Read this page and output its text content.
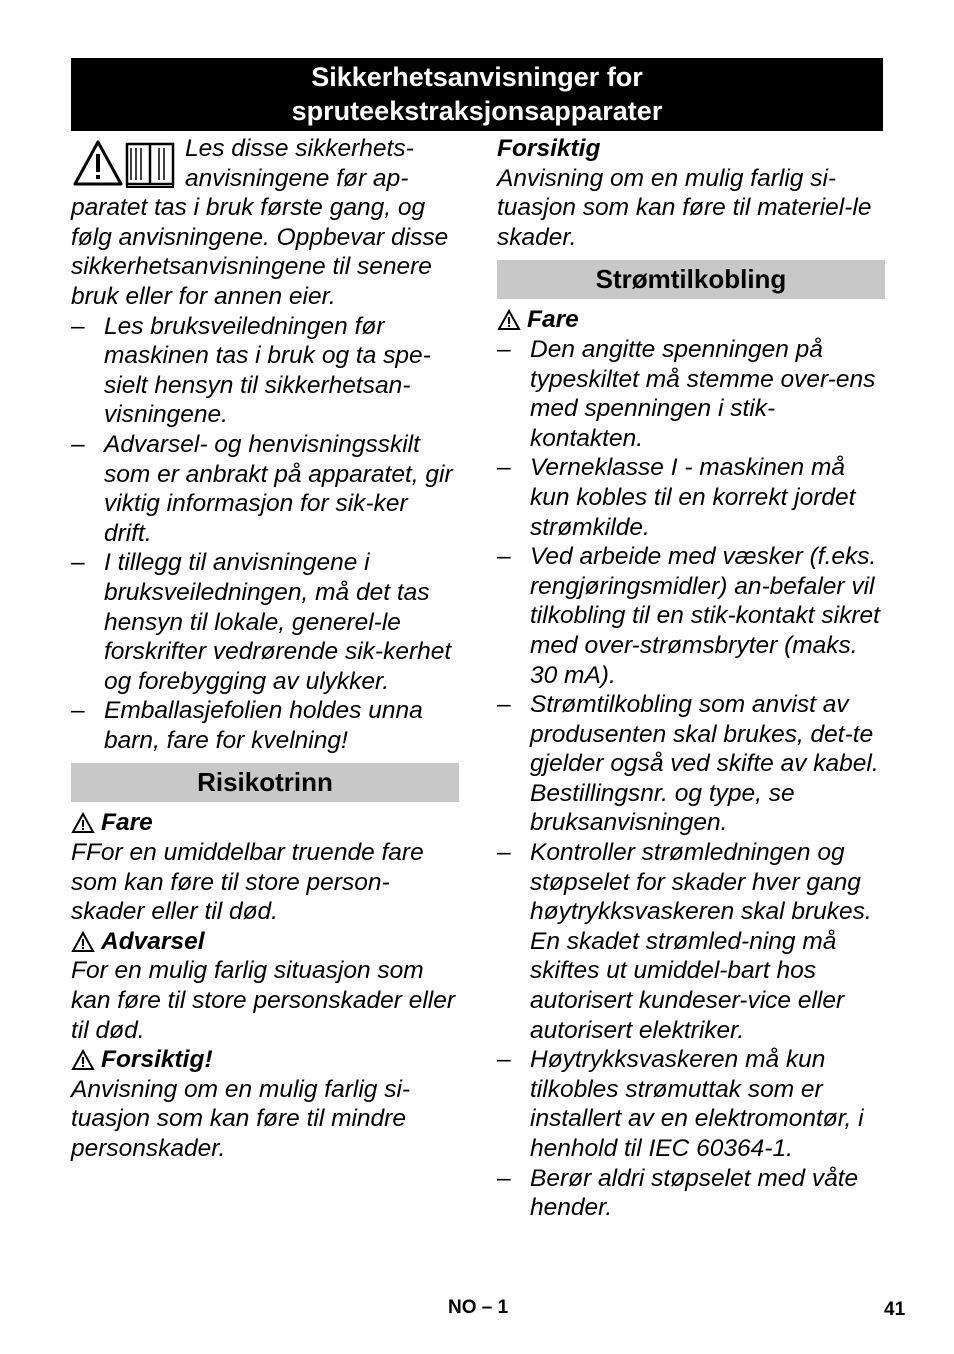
Sikkerhetsanvisninger for
spruteekstraksjonsapparater

Les disse sikkerhets-anvisningene før ap-paratet tas i bruk første gang, og følg anvisningene. Oppbevar disse sikkerhetsanvisningene til senere bruk eller for annen eier.

– Les bruksveiledningen før maskinen tas i bruk og ta spe-sielt hensyn til sikkerhetsan-visningene.
– Advarsel- og henvisningsskilt som er anbrakt på apparatet, gir viktig informasjon for sik-ker drift.
– I tillegg til anvisningene i bruksveiledningen, må det tas hensyn til lokale, generel-le forskrifter vedrørende sik-kerhet og forebygging av ulykker.
– Emballasjefolien holdes unna barn, fare for kvelning!
Risikotrinn
Fare

FFor en umiddelbar truende fare som kan føre til store person-skader eller til død.

Advarsel

For en mulig farlig situasjon som kan føre til store personskader eller til død.

Forsiktig!

Anvisning om en mulig farlig si-tuasjon som kan føre til mindre personskader.

Forsiktig

Anvisning om en mulig farlig si-tuasjon som kan føre til materiel-le skader.

Strømtilkobling
Fare
– Den angitte spenningen på typeskiltet må stemme over-ens med spenningen i stik-kontakten.
– Verneklasse I - maskinen må kun kobles til en korrekt jordet strømkilde.
– Ved arbeide med væsker (f.eks. rengjøringsmidler) an-befaler vil tilkobling til en stik-kontakt sikret med over-strømsbryter (maks. 30 mA).
– Strømtilkobling som anvist av produsenten skal brukes, det-te gjelder også ved skifte av kabel. Bestillingsnr. og type, se bruksanvisningen.
– Kontroller strømledningen og støpselet for skader hver gang høytrykksvaskeren skal brukes. En skadet strømled-ning må skiftes ut umiddel-bart hos autorisert kundeser-vice eller autorisert elektriker.
– Høytrykksvaskeren må kun tilkobles strømuttak som er installert av en elektromontør, i henhold til IEC 60364-1.
– Berør aldri støpselet med våte hender.
NO – 1	41
